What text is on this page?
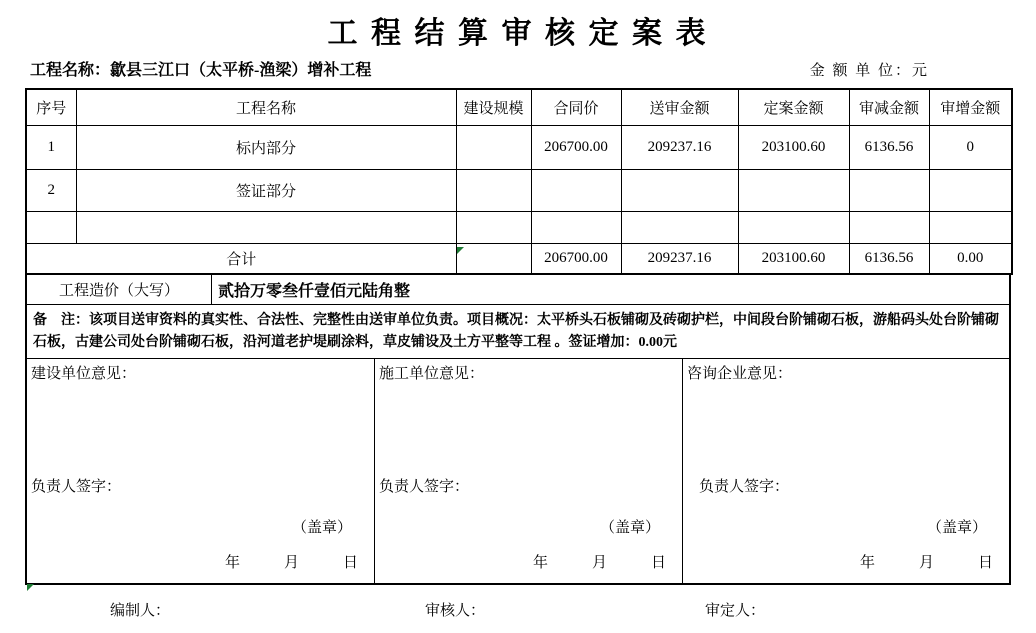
工 程 结 算 审 核 定 案 表
工程名称：歙县三江口（太平桥-渔梁）增补工程	金 额 单 位：元
序号	工程名称	建设规模	合同价	送审金额	定案金额	审减金额	审增金额
1	标内部分		206700.00	209237.16	203100.60	6136.56	0
2	签证部分						

合计			206700.00	209237.16	203100.60	6136.56	0.00
工程造价（大写）	贰拾万零叁仟壹佰元陆角整
备　注：该项目送审资料的真实性、合法性、完整性由送审单位负责。项目概况：太平桥头石板铺砌及砖砌护栏，中间段台阶铺砌石板，游船码头处台阶铺砌石板，古建公司处台阶铺砌石板，沿河道老护堤刷涂料，草皮铺设及土方平整等工程 。签证增加：0.00元
建设单位意见：
负责人签字：
（盖章）
年	月	日
施工单位意见：
负责人签字：
（盖章）
年	月	日
咨询企业意见：
负责人签字：
（盖章）
年	月	日
编制人：	审核人：	审定人：
